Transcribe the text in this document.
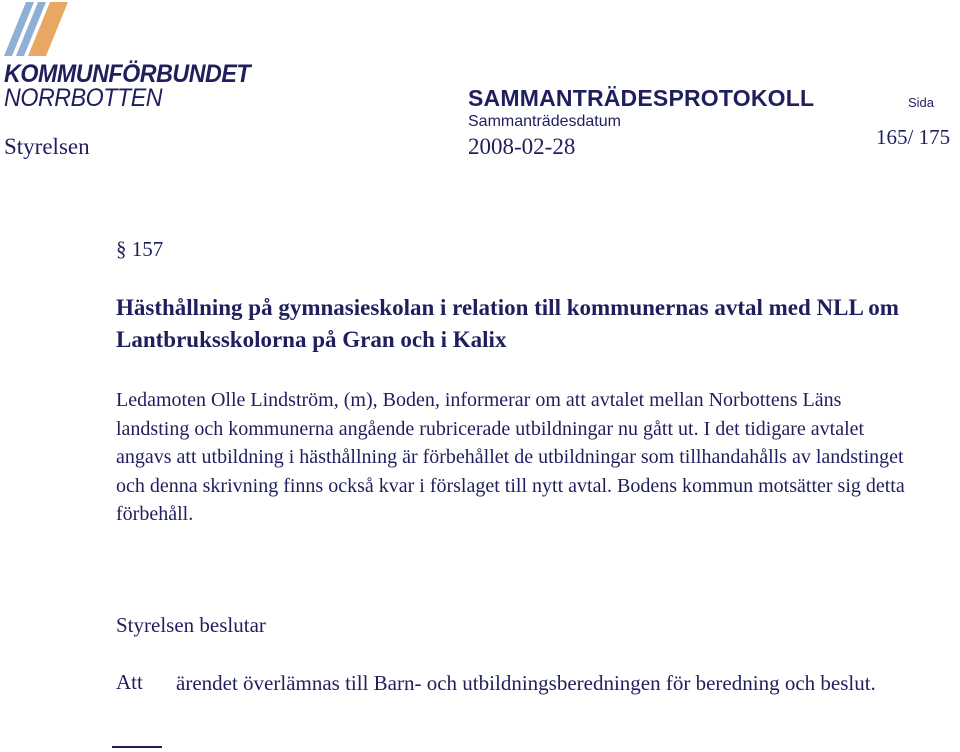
KOMMUNFÖRBUNDET
NORRBOTTEN
Styrelsen
SAMMANTRÄDESPROTOKOLL
Sammanträdesdatum
2008-02-28
Sida
165/ 175
§ 157
Hästhållning på gymnasieskolan i relation till kommunernas avtal med NLL om Lantbruksskolorna på Gran och i Kalix
Ledamoten Olle Lindström, (m), Boden, informerar om att avtalet mellan Norbottens Läns landsting och kommunerna angående rubricerade utbildningar nu gått ut. I det tidigare avtalet angavs att utbildning i hästhållning är förbehållet de utbildningar som tillhandahålls av landstinget och denna skrivning finns också kvar i förslaget till nytt avtal. Bodens kommun motsätter sig detta förbehåll.
Styrelsen beslutar
Att ärendet överlämnas till Barn- och utbildningsberedningen för beredning och beslut.
